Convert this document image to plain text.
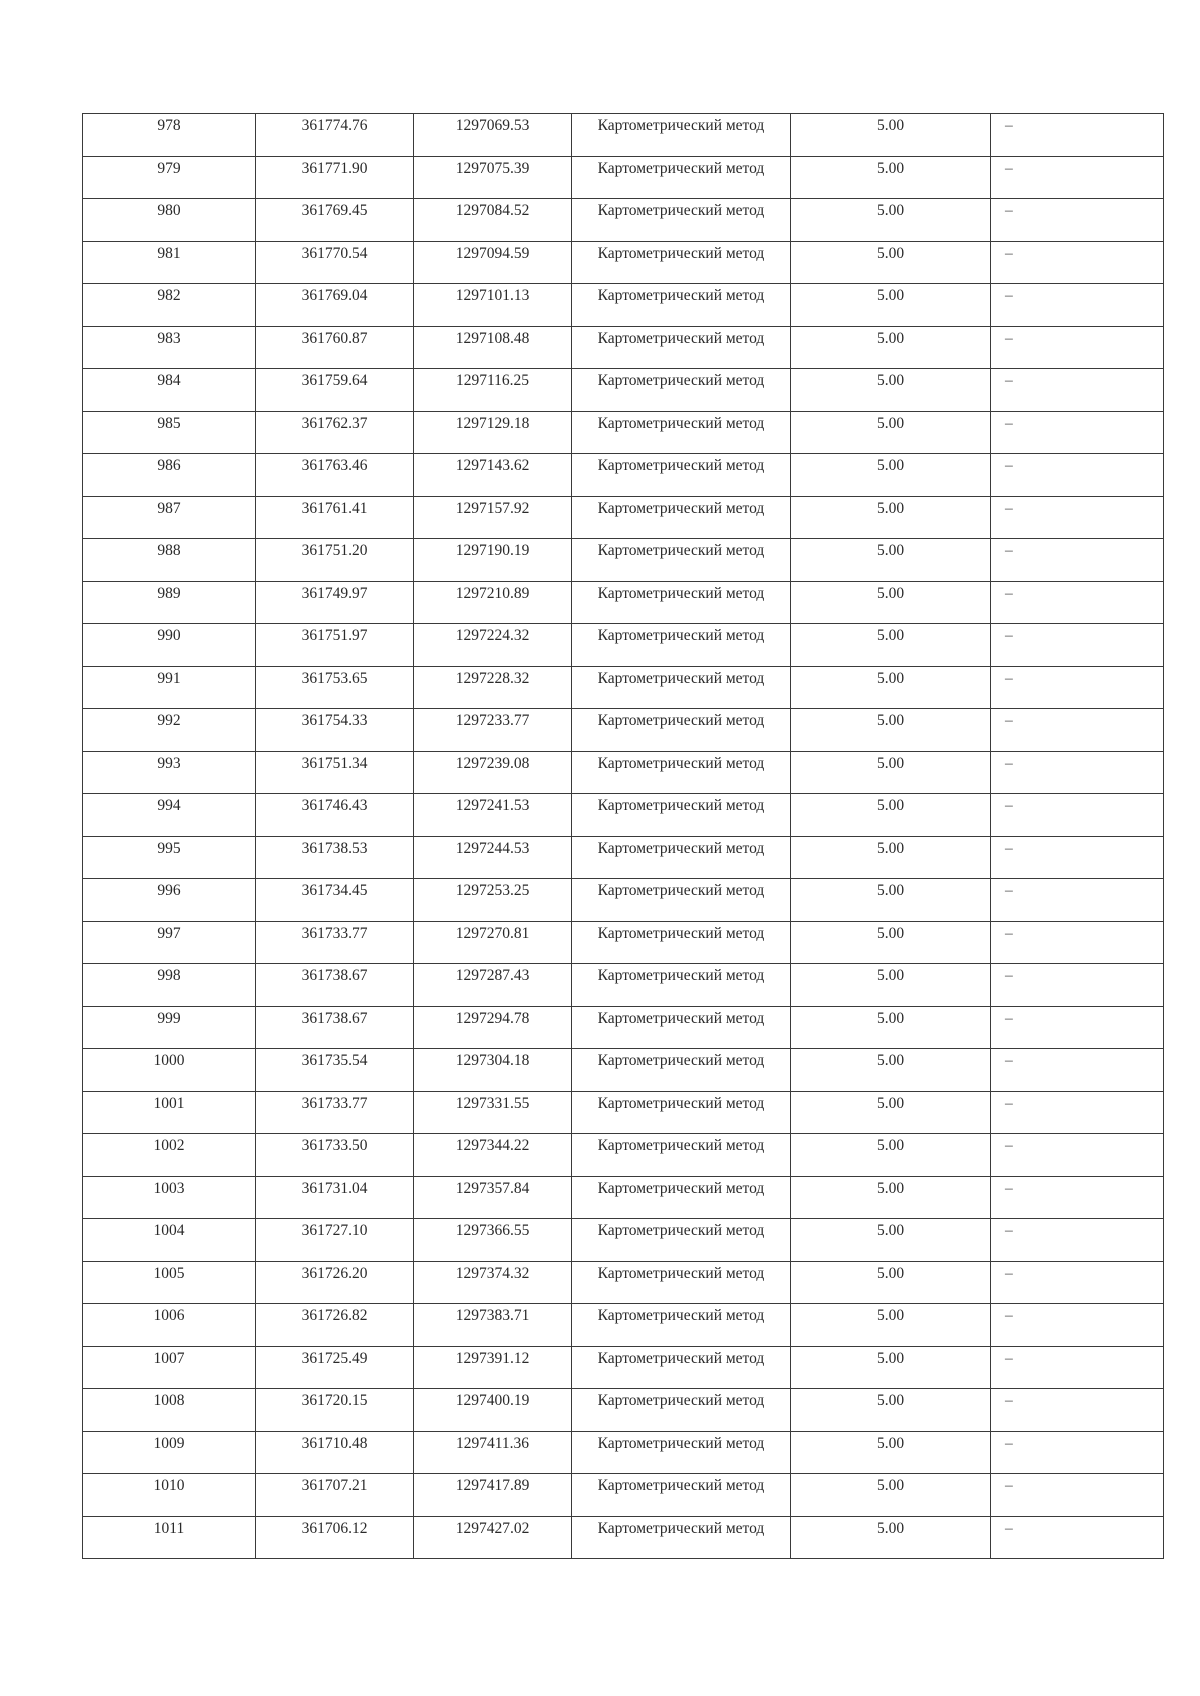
978	361774.76	1297069.53	Картометрический метод	5.00	–

979	361771.90	1297075.39	Картометрический метод	5.00	–

980	361769.45	1297084.52	Картометрический метод	5.00	–

981	361770.54	1297094.59	Картометрический метод	5.00	–

982	361769.04	1297101.13	Картометрический метод	5.00	–

983	361760.87	1297108.48	Картометрический метод	5.00	–

984	361759.64	1297116.25	Картометрический метод	5.00	–

985	361762.37	1297129.18	Картометрический метод	5.00	–

986	361763.46	1297143.62	Картометрический метод	5.00	–

987	361761.41	1297157.92	Картометрический метод	5.00	–

988	361751.20	1297190.19	Картометрический метод	5.00	–

989	361749.97	1297210.89	Картометрический метод	5.00	–

990	361751.97	1297224.32	Картометрический метод	5.00	–

991	361753.65	1297228.32	Картометрический метод	5.00	–

992	361754.33	1297233.77	Картометрический метод	5.00	–

993	361751.34	1297239.08	Картометрический метод	5.00	–

994	361746.43	1297241.53	Картометрический метод	5.00	–

995	361738.53	1297244.53	Картометрический метод	5.00	–

996	361734.45	1297253.25	Картометрический метод	5.00	–

997	361733.77	1297270.81	Картометрический метод	5.00	–

998	361738.67	1297287.43	Картометрический метод	5.00	–

999	361738.67	1297294.78	Картометрический метод	5.00	–

1000	361735.54	1297304.18	Картометрический метод	5.00	–

1001	361733.77	1297331.55	Картометрический метод	5.00	–

1002	361733.50	1297344.22	Картометрический метод	5.00	–

1003	361731.04	1297357.84	Картометрический метод	5.00	–

1004	361727.10	1297366.55	Картометрический метод	5.00	–

1005	361726.20	1297374.32	Картометрический метод	5.00	–

1006	361726.82	1297383.71	Картометрический метод	5.00	–

1007	361725.49	1297391.12	Картометрический метод	5.00	–

1008	361720.15	1297400.19	Картометрический метод	5.00	–

1009	361710.48	1297411.36	Картометрический метод	5.00	–

1010	361707.21	1297417.89	Картометрический метод	5.00	–

1011	361706.12	1297427.02	Картометрический метод	5.00	–
